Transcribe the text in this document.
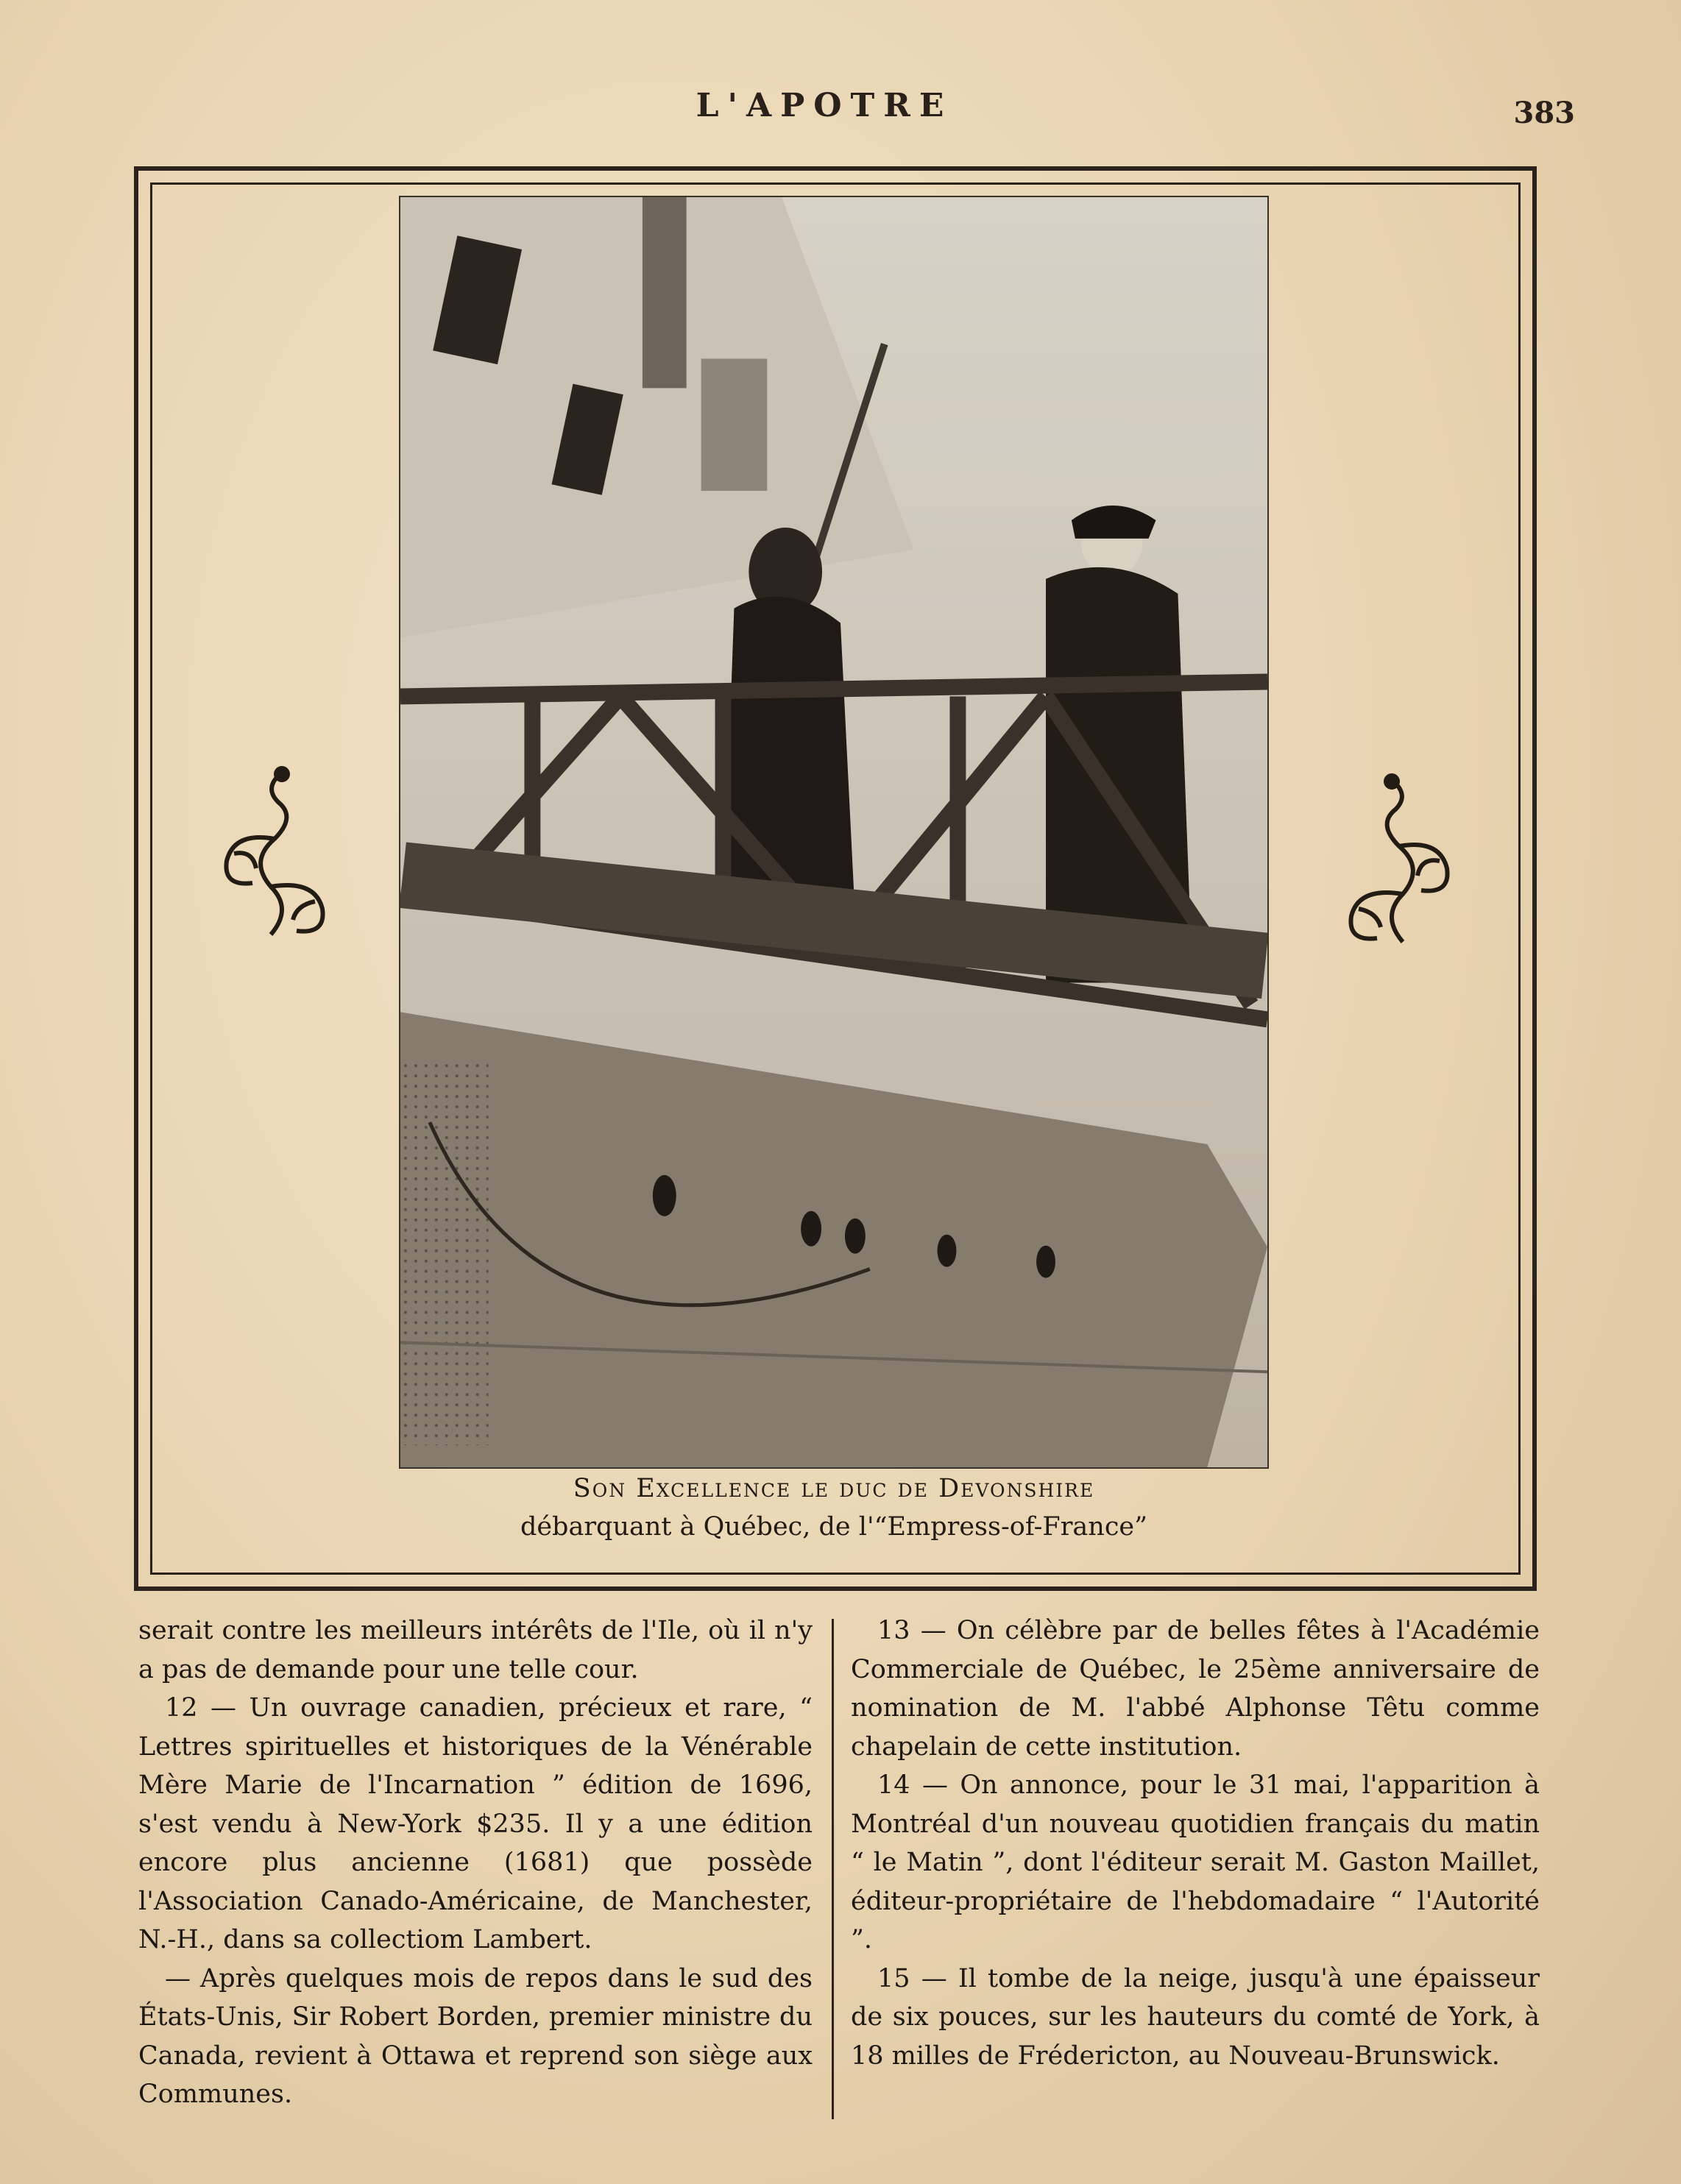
L'APOTRE	383
Son Excellence le duc de Devonshire
débarquant à Québec, de l'“Empress-of-France”

serait contre les meilleurs intérêts de l'Ile, où il n'y a pas de demande pour une telle cour.

12 — Un ouvrage canadien, précieux et rare, “ Lettres spirituelles et historiques de la Vénérable Mère Marie de l'Incarnation ” édition de 1696, s'est vendu à New-York $235. Il y a une édition encore plus ancienne (1681) que possède l'Association Canado-Américaine, de Manchester, N.-H., dans sa collectiom Lambert.

— Après quelques mois de repos dans le sud des États-Unis, Sir Robert Borden, premier ministre du Canada, revient à Ottawa et reprend son siège aux Communes.

13 — On célèbre par de belles fêtes à l'Académie Commerciale de Québec, le 25ème anniversaire de nomination de M. l'abbé Alphonse Têtu comme chapelain de cette institution.

14 — On annonce, pour le 31 mai, l'apparition à Montréal d'un nouveau quotidien français du matin “ le Matin ”, dont l'éditeur serait M. Gaston Maillet, éditeur-propriétaire de l'hebdomadaire “ l'Autorité ”.

15 — Il tombe de la neige, jusqu'à une épaisseur de six pouces, sur les hauteurs du comté de York, à 18 milles de Frédericton, au Nouveau-Brunswick.
